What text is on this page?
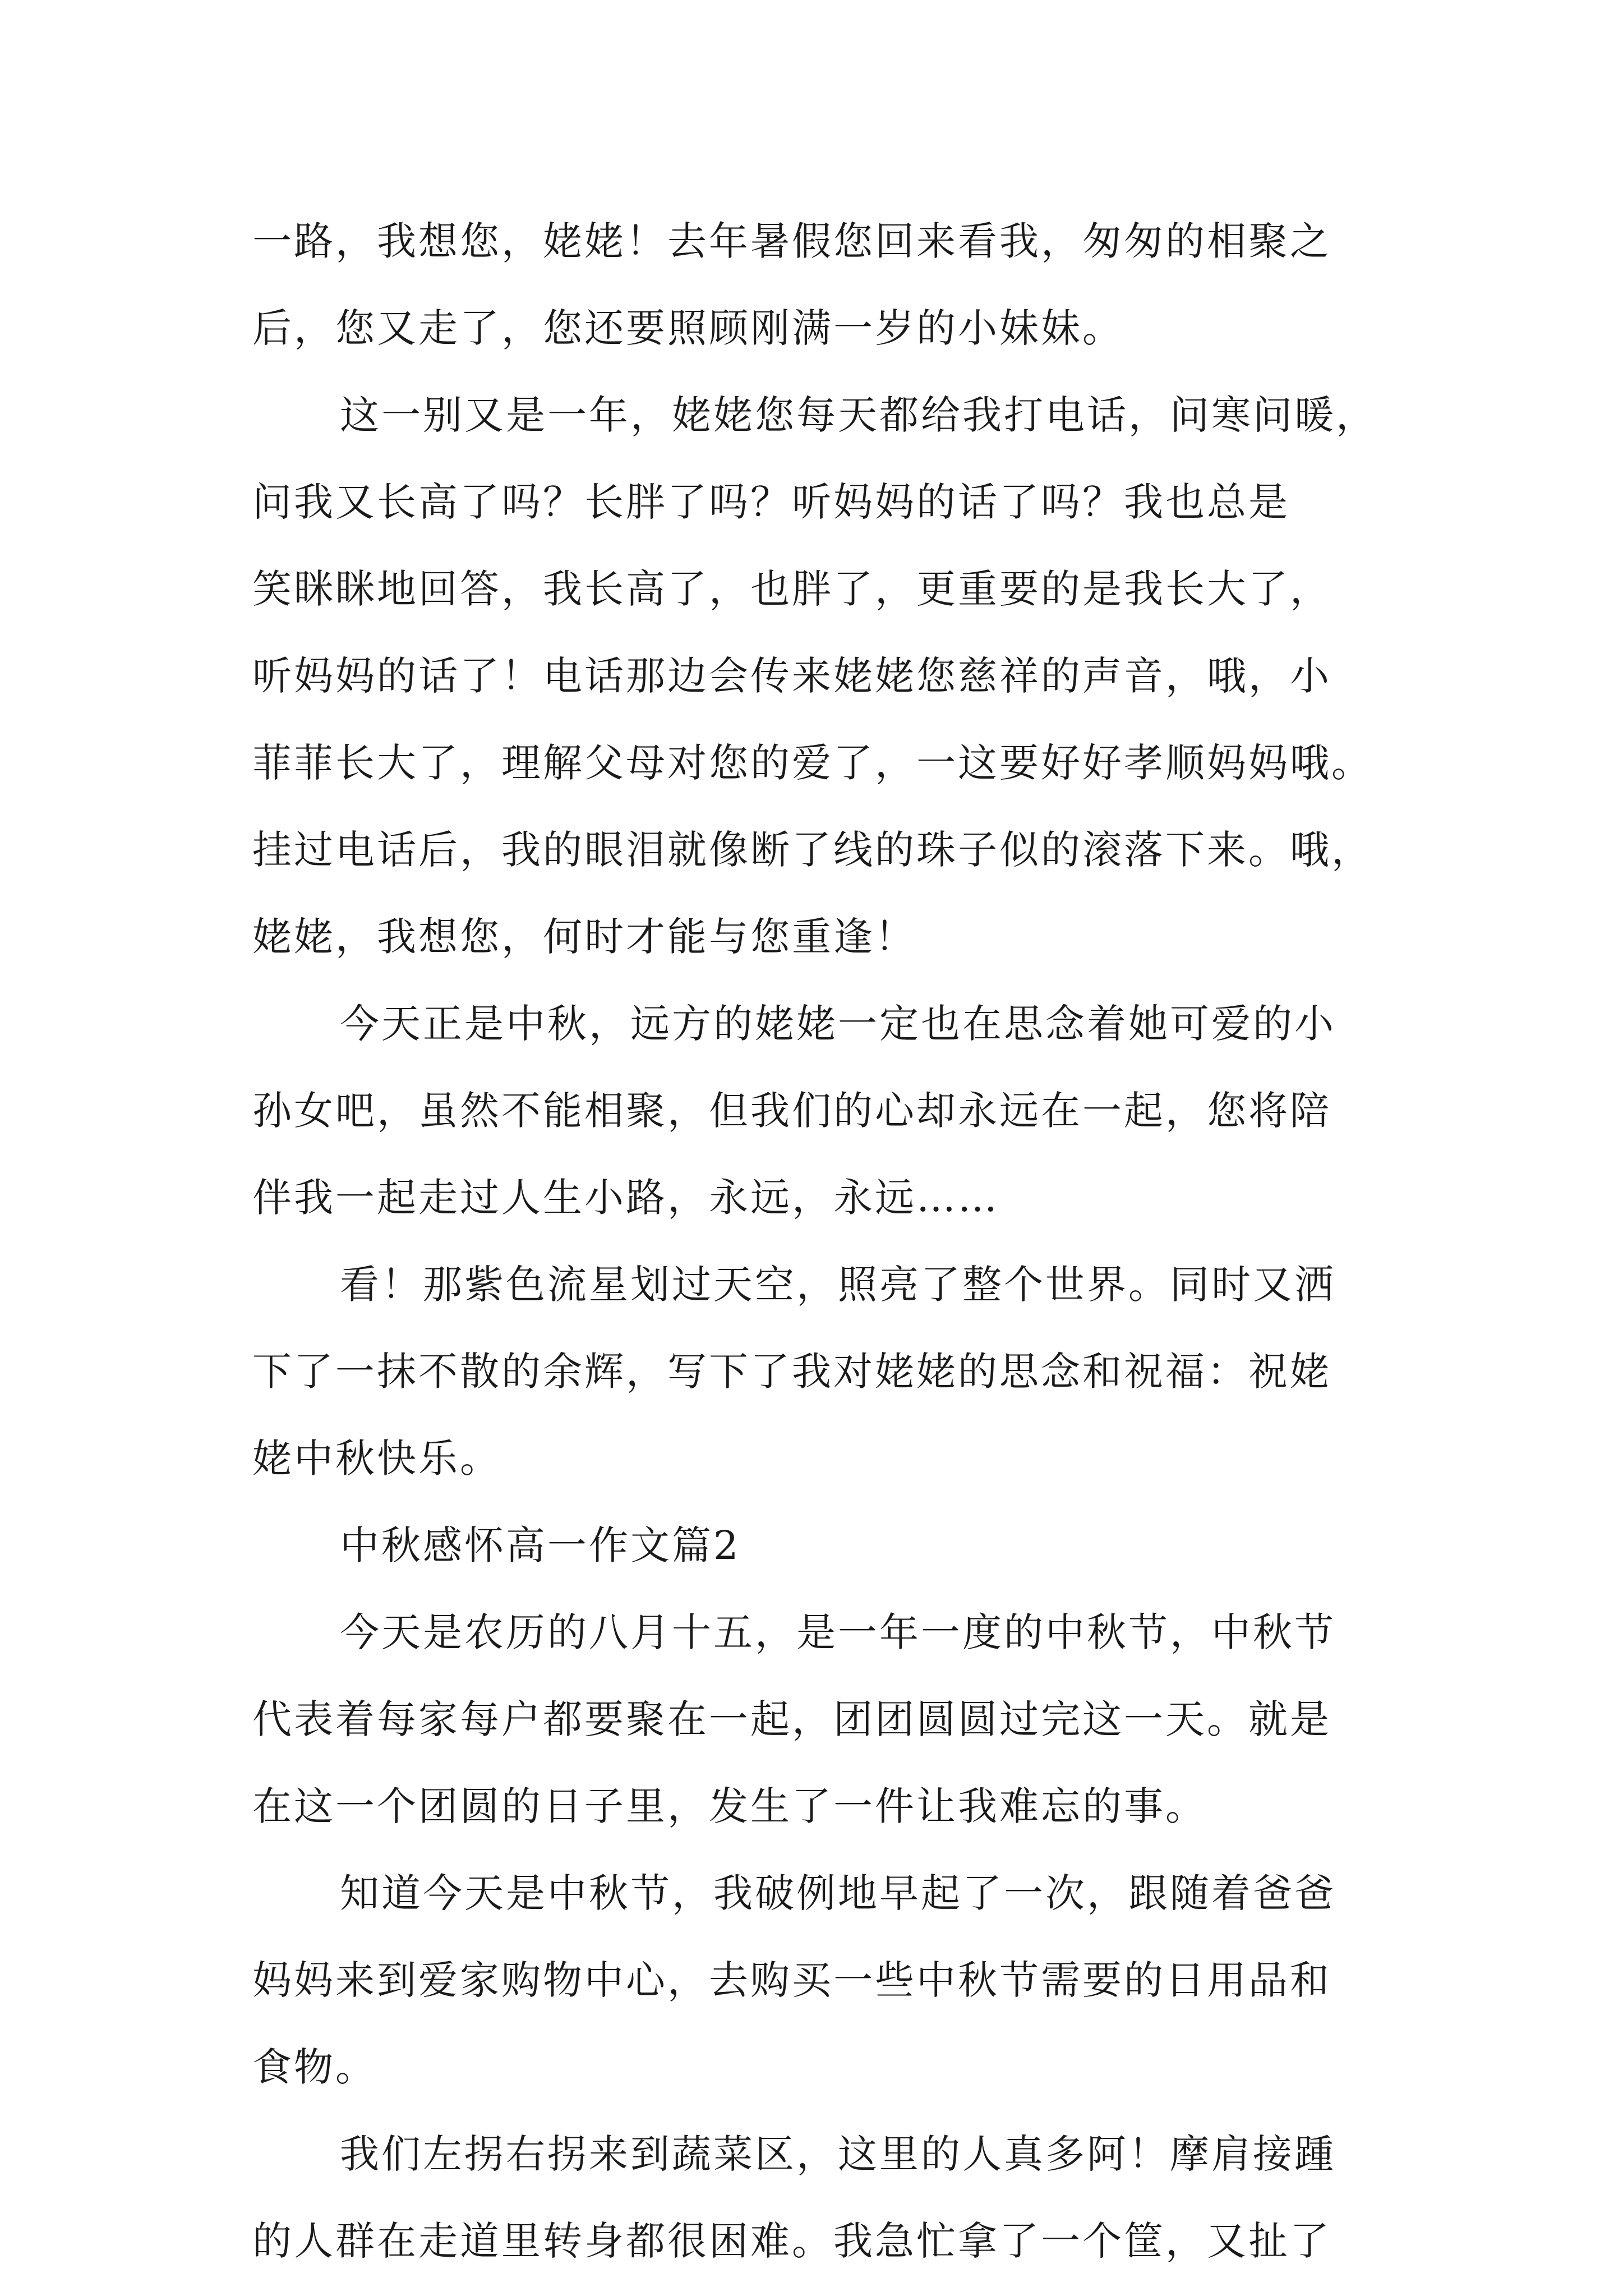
一路，我想您，姥姥！去年暑假您回来看我，匆匆的相聚之
后，您又走了，您还要照顾刚满一岁的小妹妹。
这一别又是一年，姥姥您每天都给我打电话，问寒问暖，
问我又长高了吗？长胖了吗？听妈妈的话了吗？我也总是
笑眯眯地回答，我长高了，也胖了，更重要的是我长大了，
听妈妈的话了！电话那边会传来姥姥您慈祥的声音，哦，小
菲菲长大了，理解父母对您的爱了，一这要好好孝顺妈妈哦。
挂过电话后，我的眼泪就像断了线的珠子似的滚落下来。哦，
姥姥，我想您，何时才能与您重逢！
今天正是中秋，远方的姥姥一定也在思念着她可爱的小
孙女吧，虽然不能相聚，但我们的心却永远在一起，您将陪
伴我一起走过人生小路，永远，永远……
看！那紫色流星划过天空，照亮了整个世界。同时又洒
下了一抹不散的余辉，写下了我对姥姥的思念和祝福：祝姥
姥中秋快乐。
中秋感怀高一作文篇2
今天是农历的八月十五，是一年一度的中秋节，中秋节
代表着每家每户都要聚在一起，团团圆圆过完这一天。就是
在这一个团圆的日子里，发生了一件让我难忘的事。
知道今天是中秋节，我破例地早起了一次，跟随着爸爸
妈妈来到爱家购物中心，去购买一些中秋节需要的日用品和
食物。
我们左拐右拐来到蔬菜区，这里的人真多阿！摩肩接踵
的人群在走道里转身都很困难。我急忙拿了一个筐，又扯了
